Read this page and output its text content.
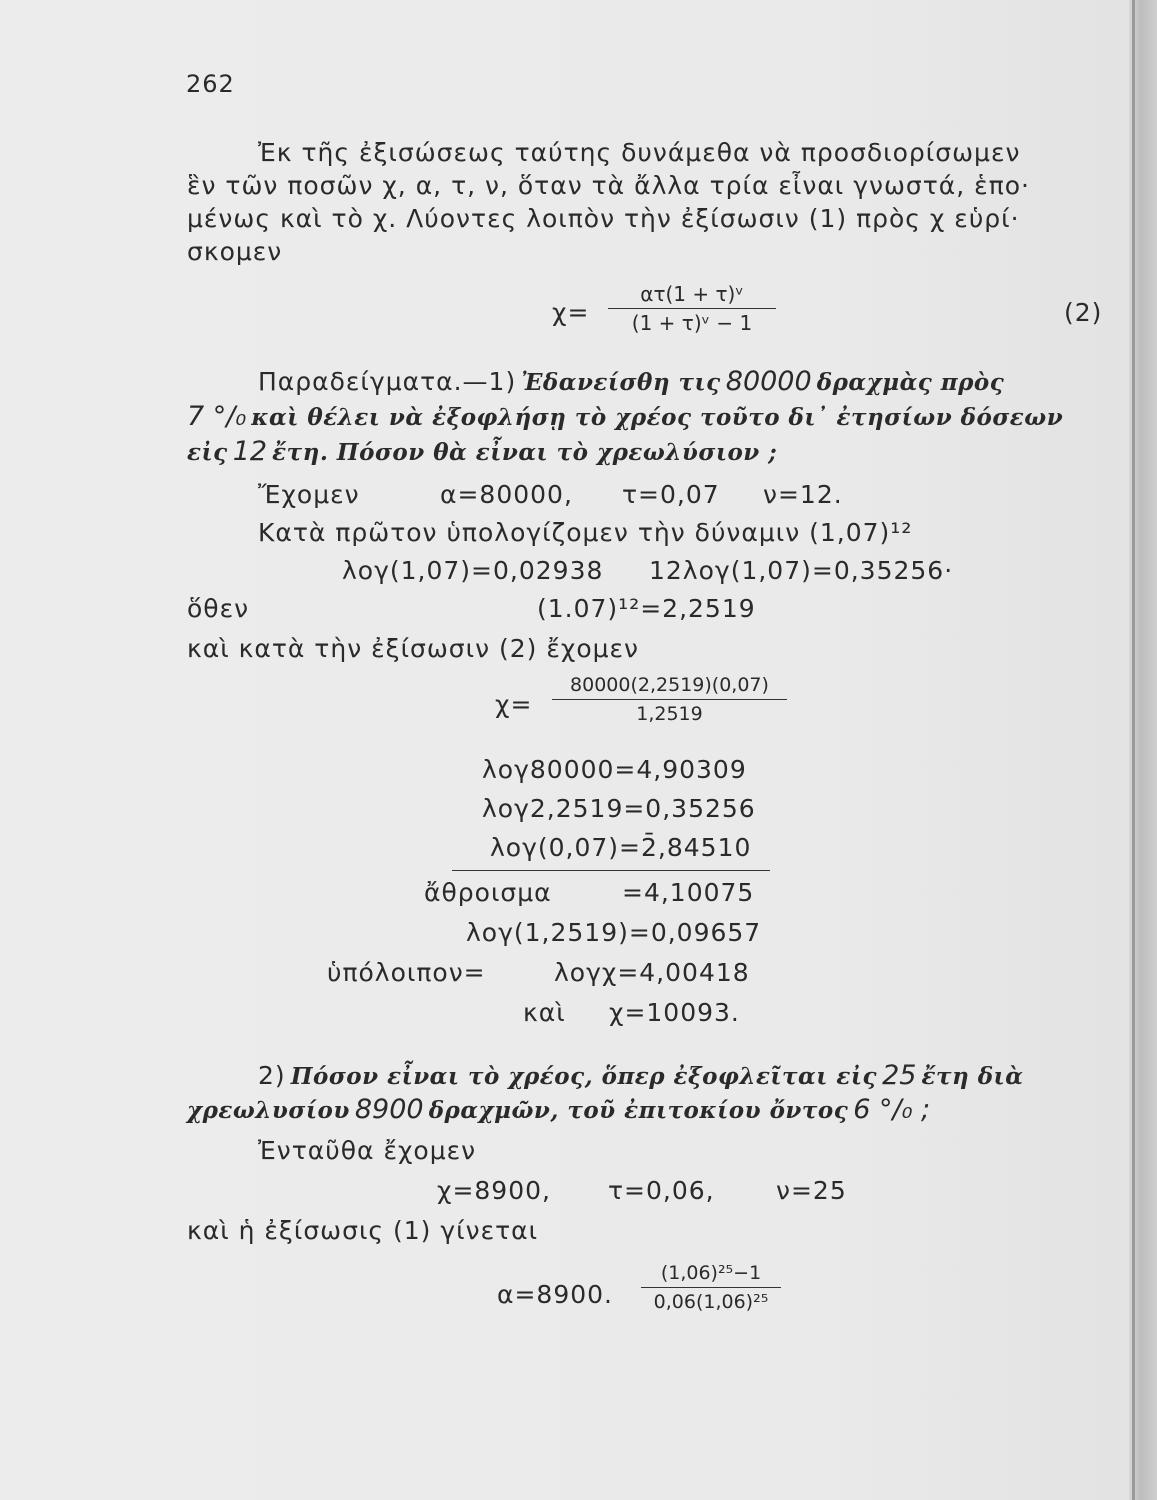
262
Ἐκ τῆς ἐξισώσεως ταύτης δυνάμεθα νὰ προσδιορίσωμεν
ἓν τῶν ποσῶν χ, α, τ, ν, ὅταν τὰ ἄλλα τρία εἶναι γνωστά, ἑπο·
μένως καὶ τὸ χ. Λύοντες λοιπὸν τὴν ἐξίσωσιν (1) πρὸς χ εὑρί·
σκομεν
χ=
ατ(1 + τ)ᵛ
(1 + τ)ᵛ − 1	(2)
Παραδείγματα.—1) Ἐδανείσθη τις 80000 δραχμὰς πρὸς
7 °/₀ καὶ θέλει νὰ ἐξοφλήσῃ τὸ χρέος τοῦτο δι᾽ ἐτησίων δόσεων
εἰς 12 ἔτη. Πόσον θὰ εἶναι τὸ χρεωλύσιον ;
Ἔχομεν	α=80000, τ=0,07 ν=12.
Κατὰ πρῶτον ὑπολογίζομεν τὴν δύναμιν (1,07)¹²
λογ(1,07)=0,02938 12λογ(1,07)=0,35256·
ὅθεν	(1.07)¹²=2,2519
καὶ κατὰ τὴν ἐξίσωσιν (2) ἔχομεν
χ=
80000(2,2519)(0,07)
1,2519
λογ80000=4,90309
λογ2,2519=0,35256
λογ(0,07)=2̄,84510
ἄθροισμα	=4,10075
λογ(1,2519)=0,09657
ὑπόλοιπον=	λογχ=4,00418
καὶ χ=10093.
2) Πόσον εἶναι τὸ χρέος, ὅπερ ἐξοφλεῖται εἰς 25 ἔτη διὰ
χρεωλυσίου 8900 δραχμῶν, τοῦ ἐπιτοκίου ὄντος 6 °/₀ ;
Ἐνταῦθα ἔχομεν
χ=8900, τ=0,06, ν=25
καὶ ἡ ἐξίσωσις (1) γίνεται
α=8900.
(1,06)²⁵−1
0,06(1,06)²⁵
